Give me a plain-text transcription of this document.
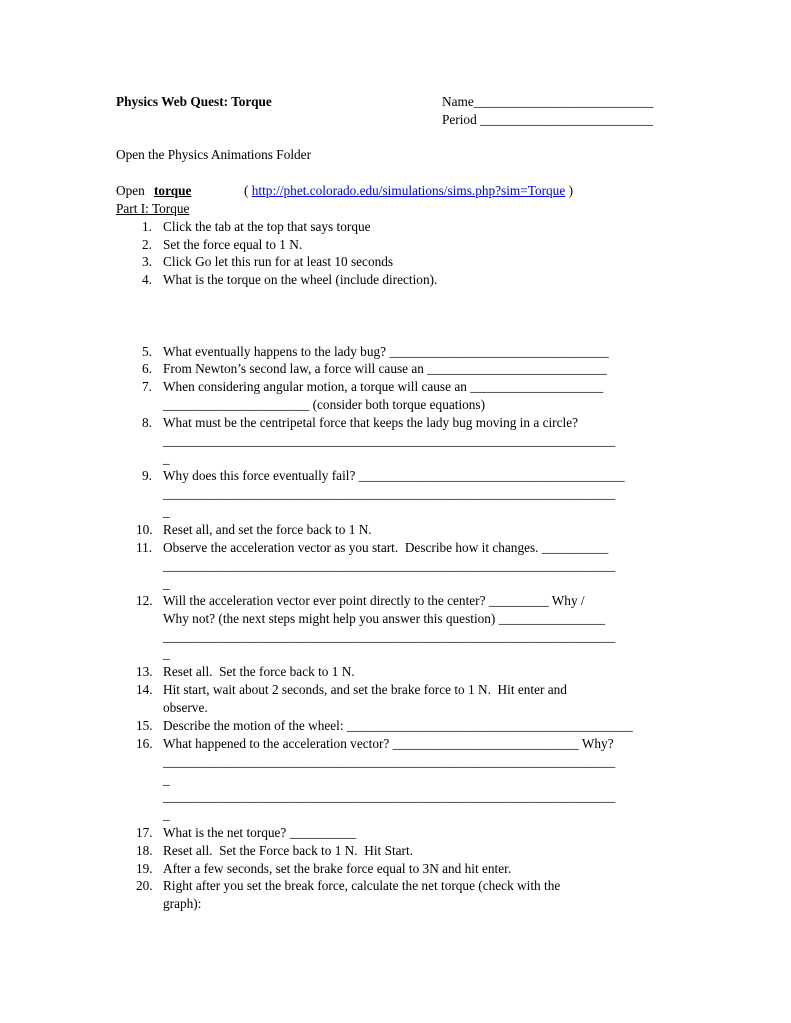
Physics Web Quest: Torque	Name___________________________
Period __________________________
Open the Physics Animations Folder
Open torque	( http://phet.colorado.edu/simulations/sims.php?sim=Torque )
Part I: Torque
1. Click the tab at the top that says torque
2. Set the force equal to 1 N.
3. Click Go let this run for at least 10 seconds
4. What is the torque on the wheel (include direction).
5. What eventually happens to the lady bug? _________________________________
6. From Newton’s second law, a force will cause an ___________________________
7. When considering angular motion, a torque will cause an ____________________
______________________ (consider both torque equations)
8. What must be the centripetal force that keeps the lady bug moving in a circle?
____________________________________________________________________
_
9. Why does this force eventually fail? ________________________________________
____________________________________________________________________
_
10. Reset all, and set the force back to 1 N.
11. Observe the acceleration vector as you start.  Describe how it changes. __________
____________________________________________________________________
_
12. Will the acceleration vector ever point directly to the center? _________ Why /
Why not? (the next steps might help you answer this question) ________________
____________________________________________________________________
_
13. Reset all.  Set the force back to 1 N.
14. Hit start, wait about 2 seconds, and set the brake force to 1 N.  Hit enter and
observe.
15. Describe the motion of the wheel: ___________________________________________
16. What happened to the acceleration vector? ____________________________ Why?
____________________________________________________________________
_
____________________________________________________________________
_
17. What is the net torque? __________
18. Reset all.  Set the Force back to 1 N.  Hit Start.
19. After a few seconds, set the brake force equal to 3N and hit enter.
20. Right after you set the break force, calculate the net torque (check with the
graph):
